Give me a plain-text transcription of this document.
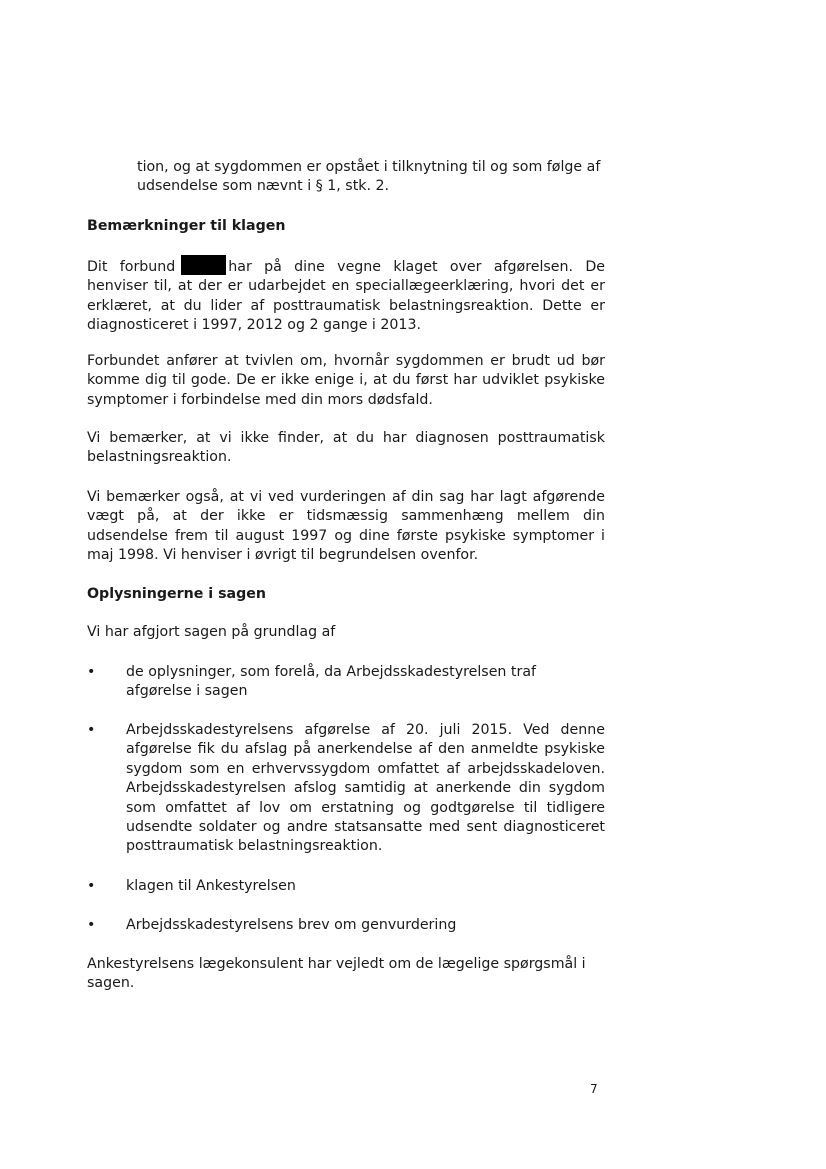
tion, og at sygdommen er opstået i tilknytning til og som følge af
udsendelse som nævnt i § 1, stk. 2.
Bemærkninger til klagen
Dit forbund	har på dine vegne klaget over afgørelsen. De henviser til, at der er udarbejdet en speciallægeerklæring, hvori det er erklæret, at du lider af posttraumatisk belastningsreaktion. Dette er diagnosticeret i 1997, 2012 og 2 gange i 2013.
Forbundet anfører at tvivlen om, hvornår sygdommen er brudt ud bør komme dig til gode. De er ikke enige i, at du først har udviklet psykiske symptomer i forbindelse med din mors dødsfald.
Vi bemærker, at vi ikke finder, at du har diagnosen posttraumatisk belastningsreaktion.
Vi bemærker også, at vi ved vurderingen af din sag har lagt afgørende vægt på, at der ikke er tidsmæssig sammenhæng mellem din udsendelse frem til august 1997 og dine første psykiske symptomer i maj 1998. Vi henviser i øvrigt til begrundelsen ovenfor.
Oplysningerne i sagen
Vi har afgjort sagen på grundlag af
• de oplysninger, som forelå, da Arbejdsskadestyrelsen traf afgørelse i sagen
• Arbejdsskadestyrelsens afgørelse af 20. juli 2015. Ved denne afgørelse fik du afslag på anerkendelse af den anmeldte psykiske sygdom som en erhvervssygdom omfattet af arbejdsskadeloven. Arbejdsskadestyrelsen afslog samtidig at anerkende din sygdom som omfattet af lov om erstatning og godtgørelse til tidligere udsendte soldater og andre statsansatte med sent diagnosticeret posttraumatisk belastningsreaktion.
• klagen til Ankestyrelsen
• Arbejdsskadestyrelsens brev om genvurdering
Ankestyrelsens lægekonsulent har vejledt om de lægelige spørgsmål i sagen.
7
